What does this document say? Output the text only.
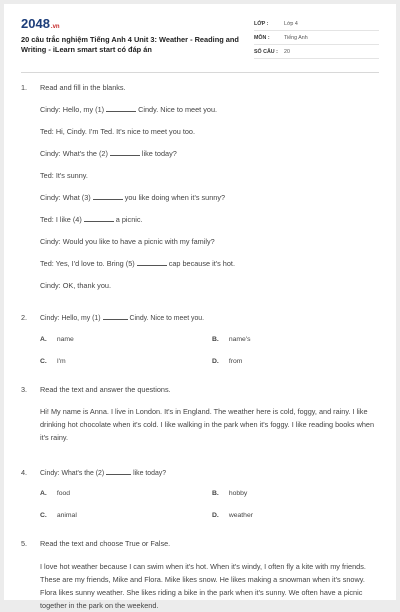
2048.vn
20 câu trắc nghiệm Tiếng Anh 4 Unit 3: Weather - Reading and Writing - iLearn smart start có đáp án
LỚP :	Lớp 4
MÔN :	Tiếng Anh
SỐ CÂU : 20
1. Read and fill in the blanks.
Cindy: Hello, my (1)	Cindy. Nice to meet you.
Ted: Hi, Cindy. I'm Ted. It's nice to meet you too.
Cindy: What's the (2)	like today?
Ted: It's sunny.
Cindy: What (3)	you like doing when it's sunny?
Ted: I like (4)	a picnic.
Cindy: Would you like to have a picnic with my family?
Ted: Yes, I'd love to. Bring (5)	cap because it's hot.
Cindy: OK, thank you.
2. Cindy: Hello, my (1)	Cindy. Nice to meet you.
A. name	B. name's
C. I'm	D. from
3. Read the text and answer the questions.
Hi! My name is Anna. I live in London. It's in England. The weather here is cold, foggy, and rainy. I like drinking hot chocolate when it's cold. I like walking in the park when it's foggy. I like reading books when it's rainy.
4. Cindy: What's the (2)	like today?
A. food	B. hobby
C. animal	D. weather
5. Read the text and choose True or False.
I love hot weather because I can swim when it's hot. When it's windy, I often fly a kite with my friends. These are my friends, Mike and Flora. Mike likes snow. He likes making a snowman when it's snowy. Flora likes sunny weather. She likes riding a bike in the park when it's sunny. We often have a picnic together in the park on the weekend.
